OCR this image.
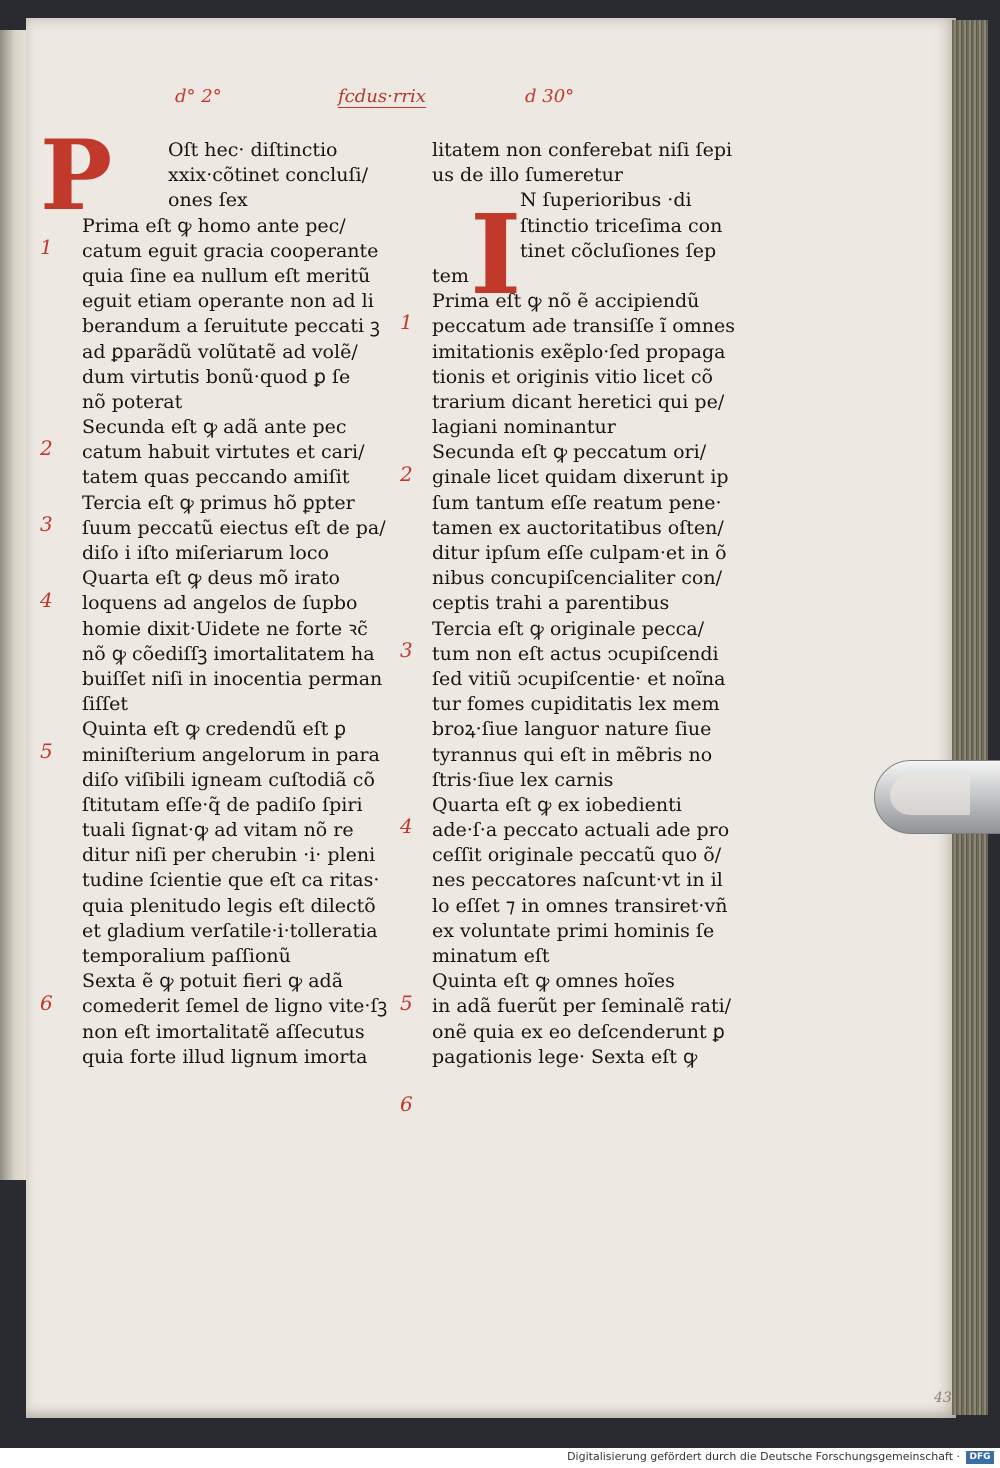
d° 2°	fcdus·rrix	d 30°
P
I
Oſt hec· diſtinctio
xxix·cõtinet concluſi/
ones ſex
Prima eſt ꝙ homo ante pec/
catum eguit gracia cooperante
quia ſine ea nullum eſt meritũ
eguit etiam operante non ad li
berandum a ſeruitute peccati ꝫ
ad ꝑparãdũ volũtatẽ ad volẽ/
dum virtutis bonũ·quod ꝑ ſe
nõ poterat
Secunda eſt ꝙ adã ante pec
catum habuit virtutes et cari/
tatem quas peccando amiſit
Tercia eſt ꝙ primus hõ ꝑpter
ſuum peccatũ eiectus eſt de pa/
diſo i iſto miſeriarum loco
Quarta eſt ꝙ deus mõ irato
loquens ad angelos de ſupbo
homie dixit·Uidete ne forte ꝛc̃
nõ ꝙ cõediſſꝫ imortalitatem ha
buiſſet niſi in inocentia perman
ſiſſet
Quinta eſt ꝙ credendũ eſt ꝑ
miniſterium angelorum in para
diſo viſibili igneam cuſtodiã cõ
ſtitutam eſſe·q̃ de padiſo ſpiri
tuali ſignat·ꝙ ad vitam nõ re
ditur niſi per cherubin ·i· pleni
tudine ſcientie que eſt ca ritas·
quia plenitudo legis eſt dilectõ
et gladium verſatile·i·tolleratia
temporalium paſſionũ
Sexta ẽ ꝙ potuit fieri ꝙ adã
comederit ſemel de ligno vite·ſꝫ
non eſt imortalitatẽ aſſecutus
quia forte illud lignum imorta
litatem non conferebat niſi ſepi
us de illo ſumeretur
N ſuperioribus ·di
ſtinctio triceſima con
tinet cõcluſiones ſep
tem
Prima eſt ꝙ nõ ẽ accipiendũ
peccatum ade transiſſe ĩ omnes
imitationis exẽplo·ſed propaga
tionis et originis vitio licet cõ
trarium dicant heretici qui pe/
lagiani nominantur
Secunda eſt ꝙ peccatum ori/
ginale licet quidam dixerunt ip
ſum tantum eſſe reatum pene·
tamen ex auctoritatibus oſten/
ditur ipſum eſſe culpam·et in õ
nibus concupiſcencialiter con/
ceptis trahi a parentibus
Tercia eſt ꝙ originale pecca/
tum non eſt actus ↄcupiſcendi
ſed vitiũ ↄcupiſcentie· et noĩna
tur fomes cupiditatis lex mem
broꝝ·ſiue languor nature ſiue
tyrannus qui eſt in mẽbris no
ſtris·ſiue lex carnis
Quarta eſt ꝙ ex iobedienti
ade·ſ·a peccato actuali ade pro
ceſſit originale peccatũ quo õ/
nes peccatores naſcunt·vt in il
lo eſſet ⁊ in omnes transiret·vñ
ex voluntate primi hominis ſe
minatum eſt
Quinta eſt ꝙ omnes hoĩes
in adã fuerũt per ſeminalẽ rati/
onẽ quia ex eo deſcenderunt ꝑ
pagationis lege· Sexta eſt ꝙ
43
1
2
3
4
5
6
1
2
3
4
5
6
Digitalisierung gefördert durch die Deutsche Forschungsgemeinschaft ·	DFG
